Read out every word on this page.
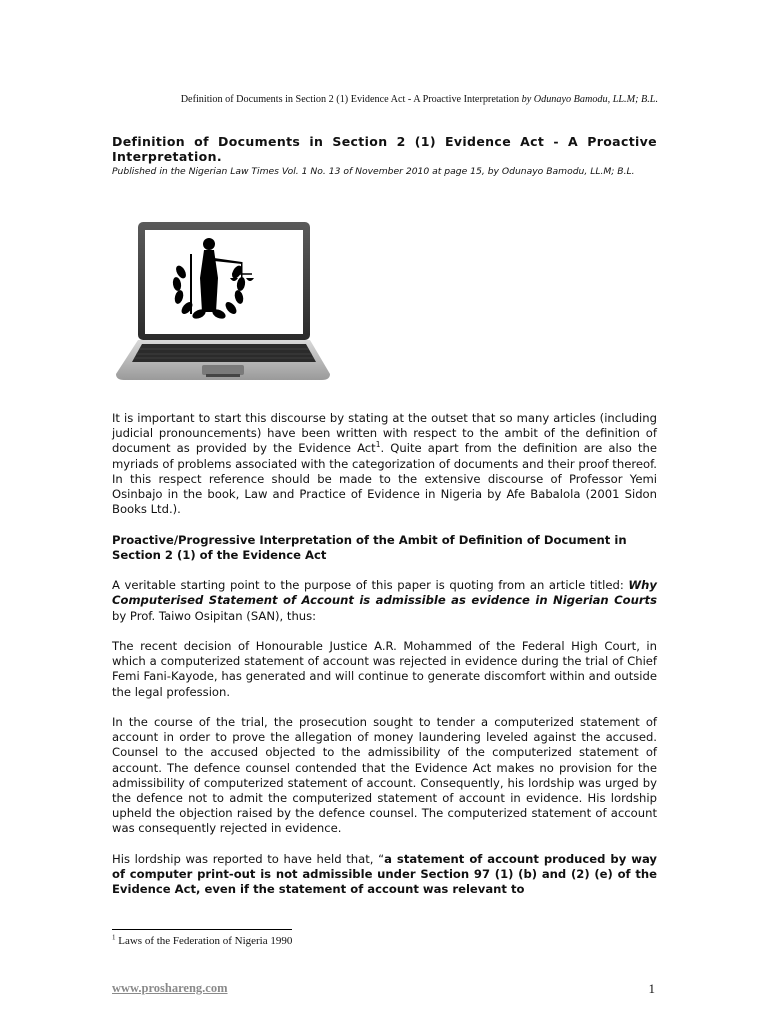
Definition of Documents in Section 2 (1) Evidence Act - A Proactive Interpretation by Odunayo Bamodu, LL.M; B.L.
Definition of Documents in Section 2 (1) Evidence Act - A Proactive Interpretation.
Published in the Nigerian Law Times Vol. 1 No. 13 of November 2010 at page 15, by Odunayo Bamodu, LL.M; B.L.

It is important to start this discourse by stating at the outset that so many articles (including judicial pronouncements) have been written with respect to the ambit of the definition of document as provided by the Evidence Act$^1$. Quite apart from the definition are also the myriads of problems associated with the categorization of documents and their proof thereof. In this respect reference should be made to the extensive discourse of Professor Yemi Osinbajo in the book, Law and Practice of Evidence in Nigeria by Afe Babalola (2001 Sidon Books Ltd.).

Proactive/Progressive Interpretation of the Ambit of Definition of Document in Section 2 (1) of the Evidence Act

A veritable starting point to the purpose of this paper is quoting from an article titled: Why Computerised Statement of Account is admissible as evidence in Nigerian Courts by Prof. Taiwo Osipitan (SAN), thus:

The recent decision of Honourable Justice A.R. Mohammed of the Federal High Court, in which a computerized statement of account was rejected in evidence during the trial of Chief Femi Fani-Kayode, has generated and will continue to generate discomfort within and outside the legal profession.

In the course of the trial, the prosecution sought to tender a computerized statement of account in order to prove the allegation of money laundering leveled against the accused. Counsel to the accused objected to the admissibility of the computerized statement of account. The defence counsel contended that the Evidence Act makes no provision for the admissibility of computerized statement of account. Consequently, his lordship was urged by the defence not to admit the computerized statement of account in evidence. His lordship upheld the objection raised by the defence counsel. The computerized statement of account was consequently rejected in evidence.

His lordship was reported to have held that, “a statement of account produced by way of computer print-out is not admissible under Section 97 (1) (b) and (2) (e) of the Evidence Act, even if the statement of account was relevant to

$^1$ Laws of the Federation of Nigeria 1990
www.proshareng.com	1
